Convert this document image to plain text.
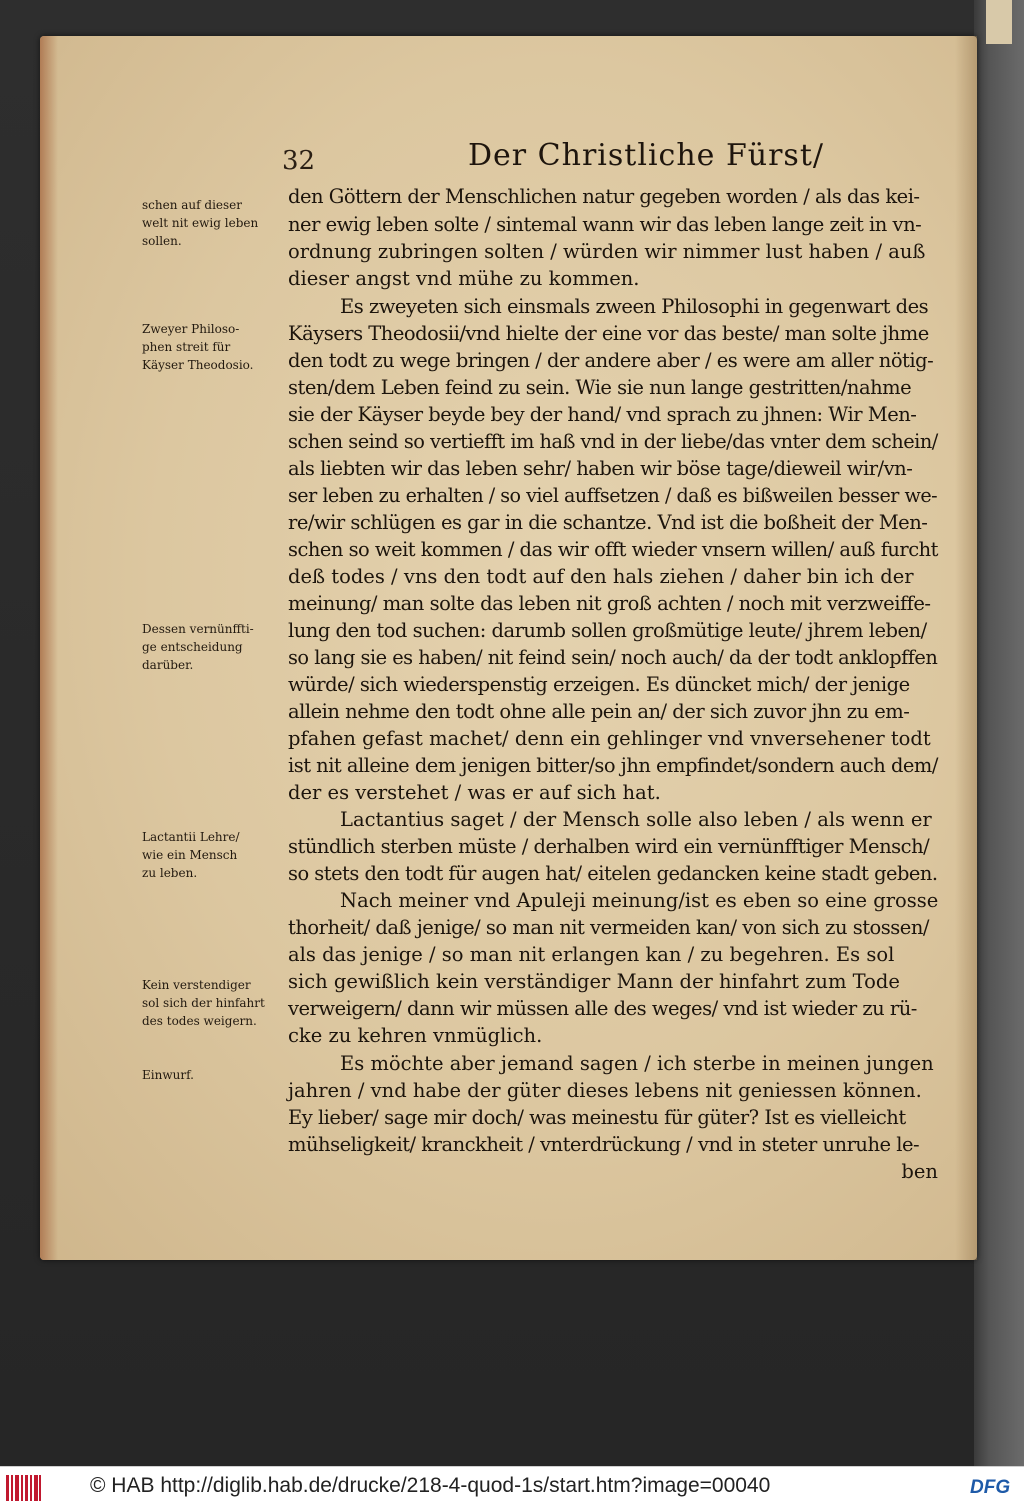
32	Der Christliche Fürst/
den Göttern der Menschlichen natur gegeben worden / als das kei-
ner ewig leben solte / sintemal wann wir das leben lange zeit in vn-
ordnung zubringen solten / würden wir nimmer lust haben / auß
dieser angst vnd mühe zu kommen.
Es zweyeten sich einsmals zween Philosophi in gegenwart des
Käysers Theodosii/vnd hielte der eine vor das beste/ man solte jhme
den todt zu wege bringen / der andere aber / es were am aller nötig-
sten/dem Leben feind zu sein. Wie sie nun lange gestritten/nahme
sie der Käyser beyde bey der hand/ vnd sprach zu jhnen: Wir Men-
schen seind so vertiefft im haß vnd in der liebe/das vnter dem schein/
als liebten wir das leben sehr/ haben wir böse tage/dieweil wir/vn-
ser leben zu erhalten / so viel auffsetzen / daß es bißweilen besser we-
re/wir schlügen es gar in die schantze. Vnd ist die boßheit der Men-
schen so weit kommen / das wir offt wieder vnsern willen/ auß furcht
deß todes / vns den todt auf den hals ziehen / daher bin ich der
meinung/ man solte das leben nit groß achten / noch mit verzweiffe-
lung den tod suchen: darumb sollen großmütige leute/ jhrem leben/
so lang sie es haben/ nit feind sein/ noch auch/ da der todt anklopffen
würde/ sich wiederspenstig erzeigen. Es düncket mich/ der jenige
allein nehme den todt ohne alle pein an/ der sich zuvor jhn zu em-
pfahen gefast machet/ denn ein gehlinger vnd vnversehener todt
ist nit alleine dem jenigen bitter/so jhn empfindet/sondern auch dem/
der es verstehet / was er auf sich hat.
Lactantius saget / der Mensch solle also leben / als wenn er
stündlich sterben müste / derhalben wird ein vernünfftiger Mensch/
so stets den todt für augen hat/ eitelen gedancken keine stadt geben.
Nach meiner vnd Apuleji meinung/ist es eben so eine grosse
thorheit/ daß jenige/ so man nit vermeiden kan/ von sich zu stossen/
als das jenige / so man nit erlangen kan / zu begehren. Es sol
sich gewißlich kein verständiger Mann der hinfahrt zum Tode
verweigern/ dann wir müssen alle des weges/ vnd ist wieder zu rü-
cke zu kehren vnmüglich.
Es möchte aber jemand sagen / ich sterbe in meinen jungen
jahren / vnd habe der güter dieses lebens nit geniessen können.
Ey lieber/ sage mir doch/ was meinestu für güter? Ist es vielleicht
mühseligkeit/ kranckheit / vnterdrückung / vnd in steter unruhe le-
ben
schen auf dieser
welt nit ewig leben
sollen.
Zweyer Philoso-
phen streit für
Käyser Theodosio.
Dessen vernünffti-
ge entscheidung
darüber.
Lactantii Lehre/
wie ein Mensch
zu leben.
Kein verstendiger
sol sich der hinfahrt
des todes weigern.
Einwurf.
© HAB http://diglib.hab.de/drucke/218-4-quod-1s/start.htm?image=00040	DFG
